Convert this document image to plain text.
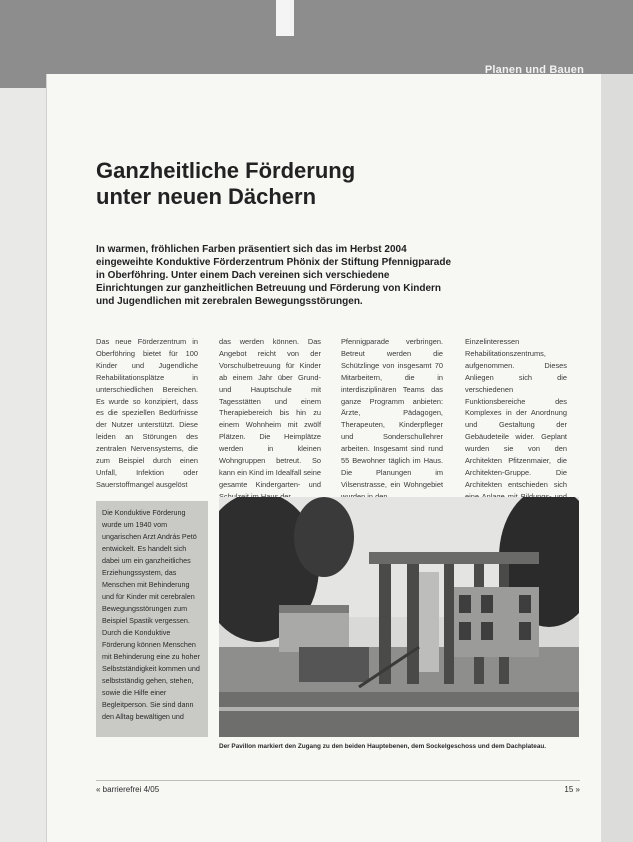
Planen und Bauen
Ganzheitliche Förderung
unter neuen Dächern

In warmen, fröhlichen Farben präsentiert sich das im Herbst 2004 eingeweihte Konduktive Förderzentrum Phönix der Stiftung Pfennigparade in Oberföhring. Unter einem Dach vereinen sich verschiedene Einrichtungen zur ganzheitlichen Betreuung und Förderung von Kindern und Jugendlichen mit zerebralen Bewegungsstörungen.

Das neue Förderzentrum in Oberföhring bietet für 100 Kinder und Jugendliche Rehabilitationsplätze in unterschiedlichen Bereichen. Es wurde so konzipiert, dass es die speziellen Bedürfnisse der Nutzer unterstützt. Diese leiden an Störungen des zentralen Nervensystems, die zum Beispiel durch einen Unfall, Infektion oder Sauerstoffmangel ausgelöst

das werden können. Das Angebot reicht von der Vorschulbetreuung für Kinder ab einem Jahr über Grund- und Hauptschule mit Tagesstätten und einem Therapiebereich bis hin zu einem Wohnheim mit zwölf Plätzen. Die Heimplätze werden in kleinen Wohngruppen betreut. So kann ein Kind im Idealfall seine gesamte Kindergarten- und

Pfennigparade verbringen. Betreut werden die Schützlinge von insgesamt 70 Mitarbeitern, die in interdisziplinären Teams das ganze Programm anbieten: Ärzte, Pädagogen, Therapeuten, Kinderpfleger und Sonderschullehrer arbeiten. Insgesamt sind rund 55 Bewohner täglich im Haus. Die Planungen im Vilsenstrasse, ein Wohngebiet

Einzelinteressen Rehabilitationszentrums, aufgenommen. Dieses Anliegen sich die verschiedenen Funktionsbereiche des Komplexes in der Anordnung und Gestaltung der Gebäudeteile wider. Geplant wurden sie von den Architekten Pfitzenmaier, die Architekten-Gruppe. Die Architekten entschieden sich

Die Konduktive Förderung wurde um 1940 vom ungarischen Arzt András Petö entwickelt. Es handelt sich dabei um ein ganzheitliches Erziehungssystem, das Menschen mit Behinderung und für Kinder mit cerebralen Bewegungsstörungen zum Beispiel Spastik vergessen. Durch die Konduktive Förderung können Menschen mit Behinderung eine zu hoher Selbstständigkeit kommen und selbstständig gehen, stehen, sowie die Hilfe einer Begleitperson. Sie sind dann den Alltag bewältigen und
Der Pavillon markiert den Zugang zu den beiden Hauptebenen, dem Sockelgeschoss und dem Dachplateau.
« barrierefrei 4/05	15 »
